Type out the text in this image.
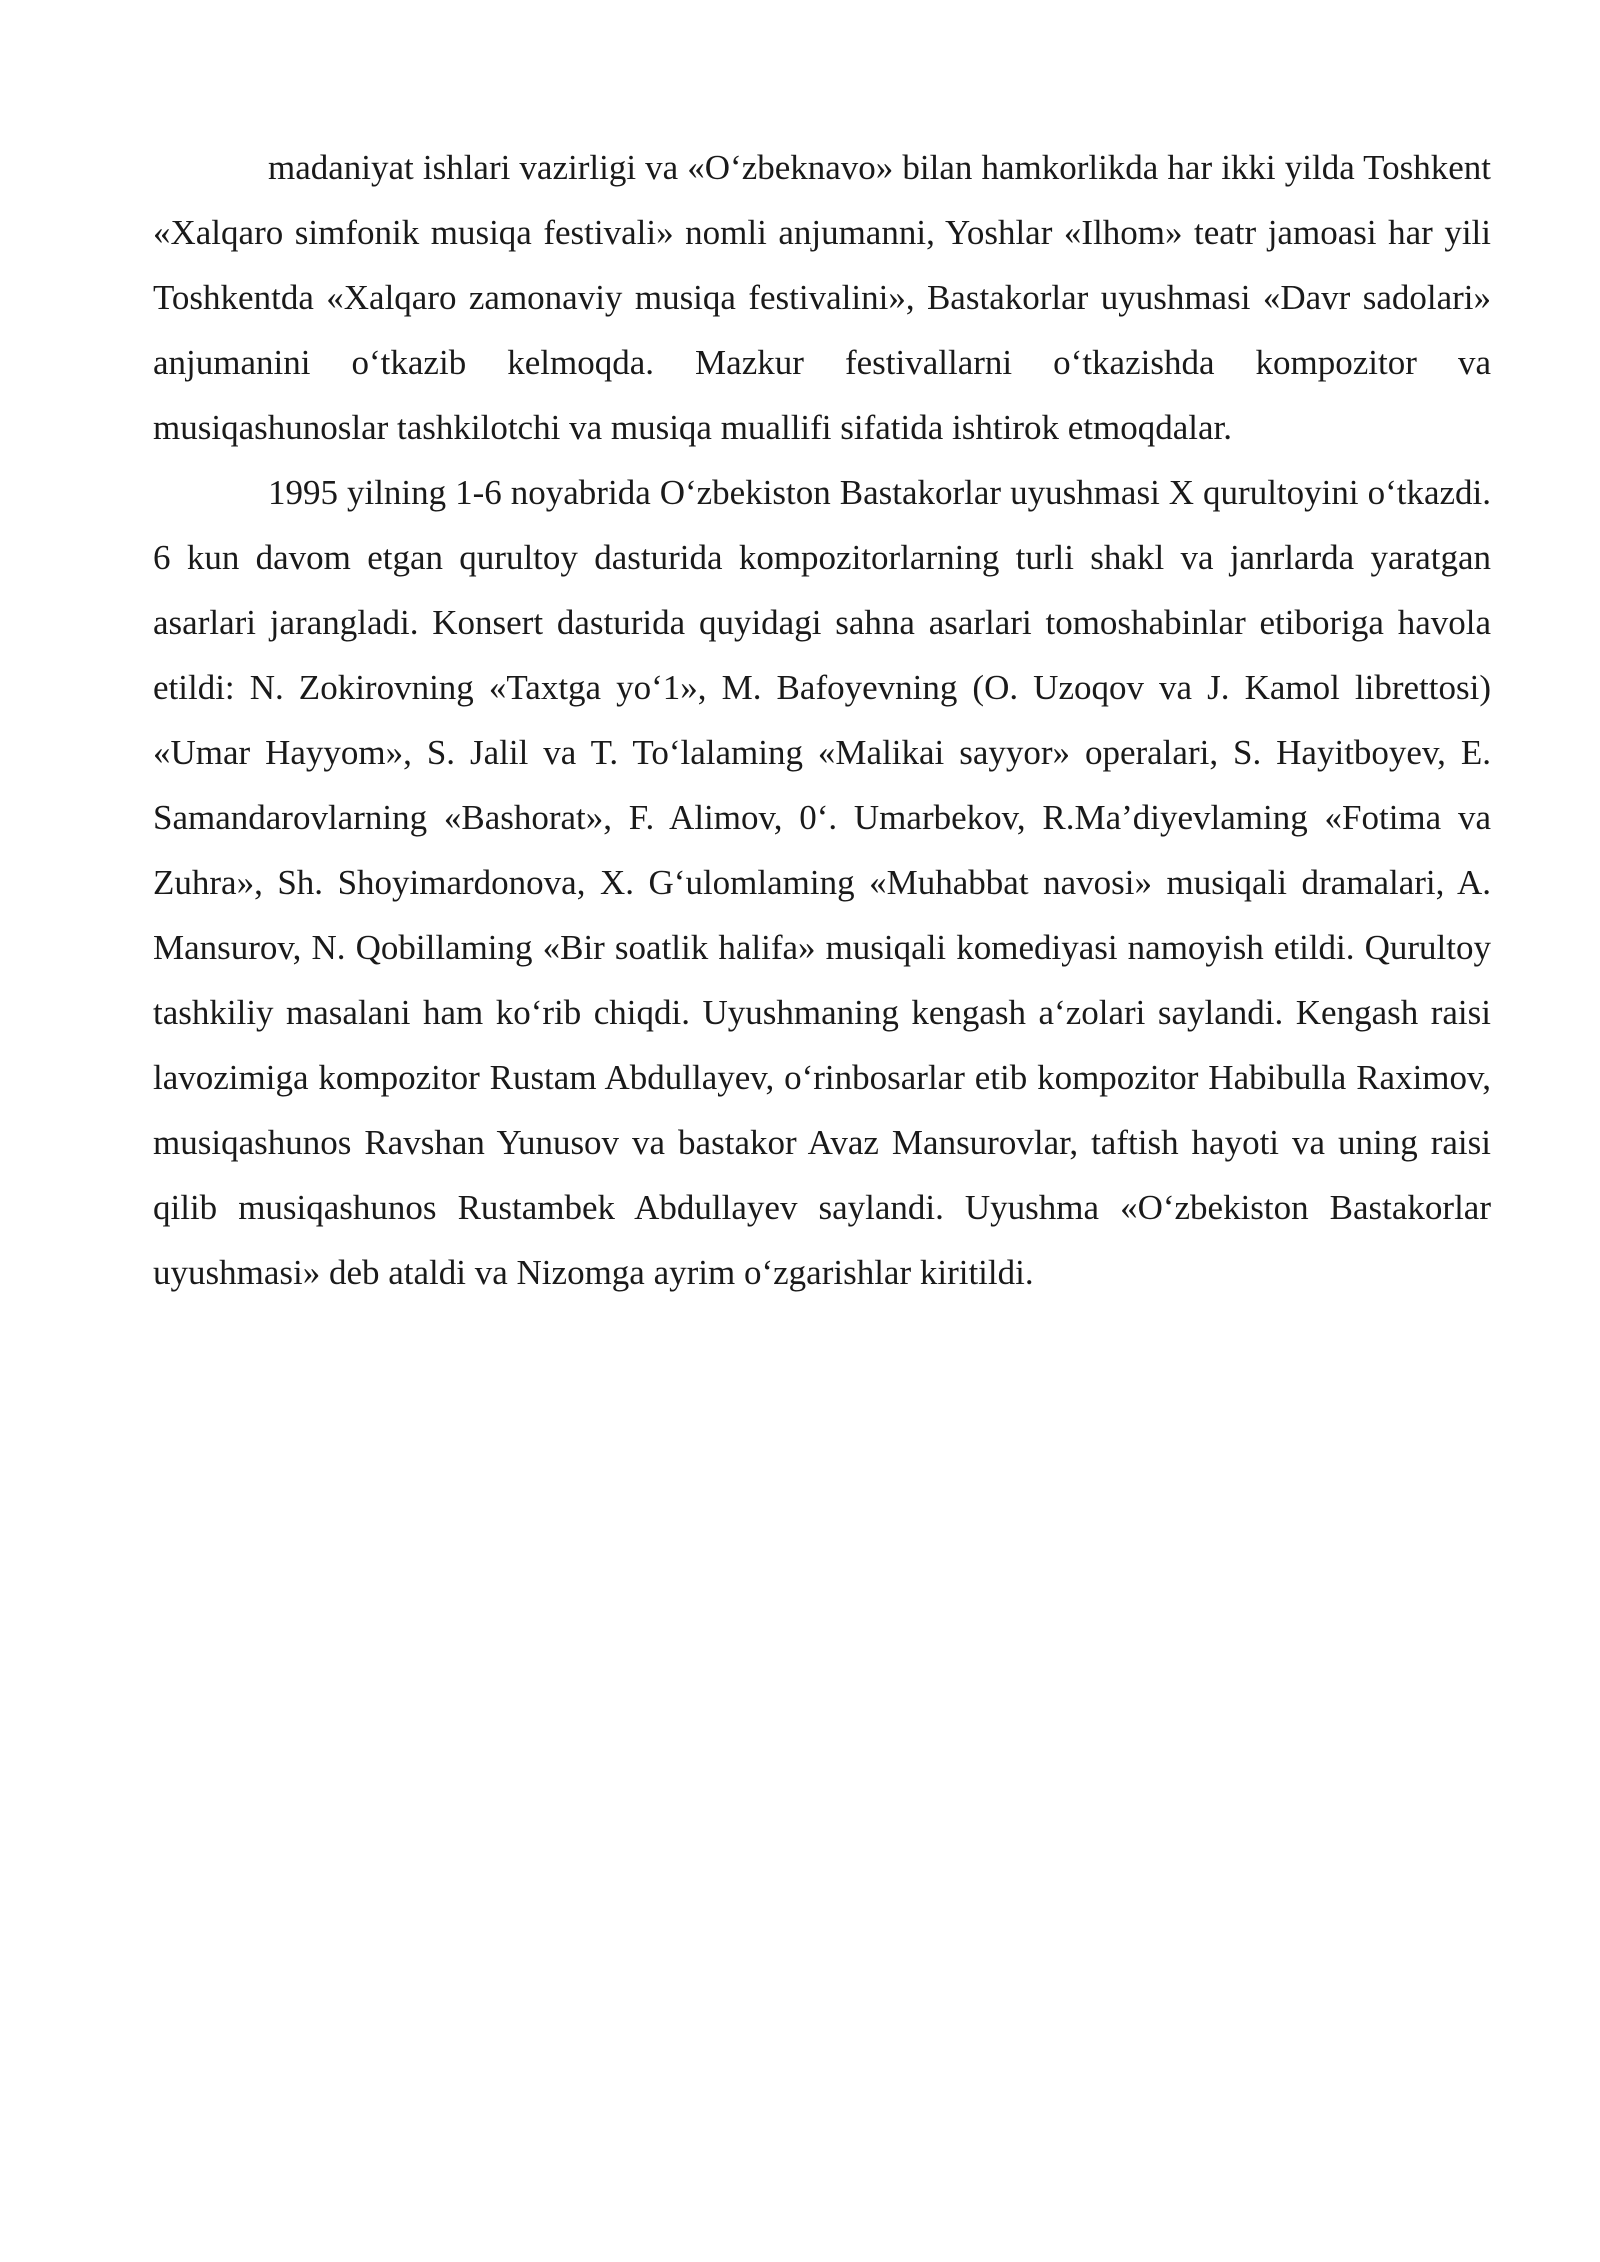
madaniyat ishlari vazirligi va «O‘zbeknavo» bilan hamkorlikda har ikki yilda Toshkent «Xalqaro simfonik musiqa festivali» nomli anjumanni, Yoshlar «Ilhom» teatr jamoasi har yili Toshkentda «Xalqaro zamonaviy musiqa festivalini», Bastakorlar uyushmasi «Davr sadolari» anjumanini o‘tkazib kelmoqda. Mazkur festivallarni o‘tkazishda kompozitor va musiqashunoslar tashkilotchi va musiqa muallifi sifatida ishtirok etmoqdalar.

1995 yilning 1-6 noyabrida O‘zbekiston Bastakorlar uyushmasi X qurultoyini o‘tkazdi. 6 kun davom etgan qurultoy dasturida kompozitorlarning turli shakl va janrlarda yaratgan asarlari jarangladi. Konsert dasturida quyidagi sahna asarlari tomoshabinlar etiboriga havola etildi: N. Zokirovning «Taxtga yo‘1», M. Bafoyevning (O. Uzoqov va J. Kamol librettosi) «Umar Hayyom», S. Jalil va T. To‘lalaming «Malikai sayyor» operalari, S. Hayitboyev, E. Samandarovlarning «Bashorat», F. Alimov, 0‘. Umarbekov, R.Ma’diyevlaming «Fotima va Zuhra», Sh. Shoyimardonova, X. G‘ulomlaming «Muhabbat navosi» musiqali dramalari, A. Mansurov, N. Qobillaming «Bir soatlik halifa» musiqali komediyasi namoyish etildi. Qurultoy tashkiliy masalani ham ko‘rib chiqdi. Uyushmaning kengash a‘zolari saylandi. Kengash raisi lavozimiga kompozitor Rustam Abdullayev, o‘rinbosarlar etib kompozitor Habibulla Raximov, musiqashunos Ravshan Yunusov va bastakor Avaz Mansurovlar, taftish hayoti va uning raisi qilib musiqashunos Rustambek Abdullayev saylandi. Uyushma «O‘zbekiston Bastakorlar uyushmasi» deb ataldi va Nizomga ayrim o‘zgarishlar kiritildi.
